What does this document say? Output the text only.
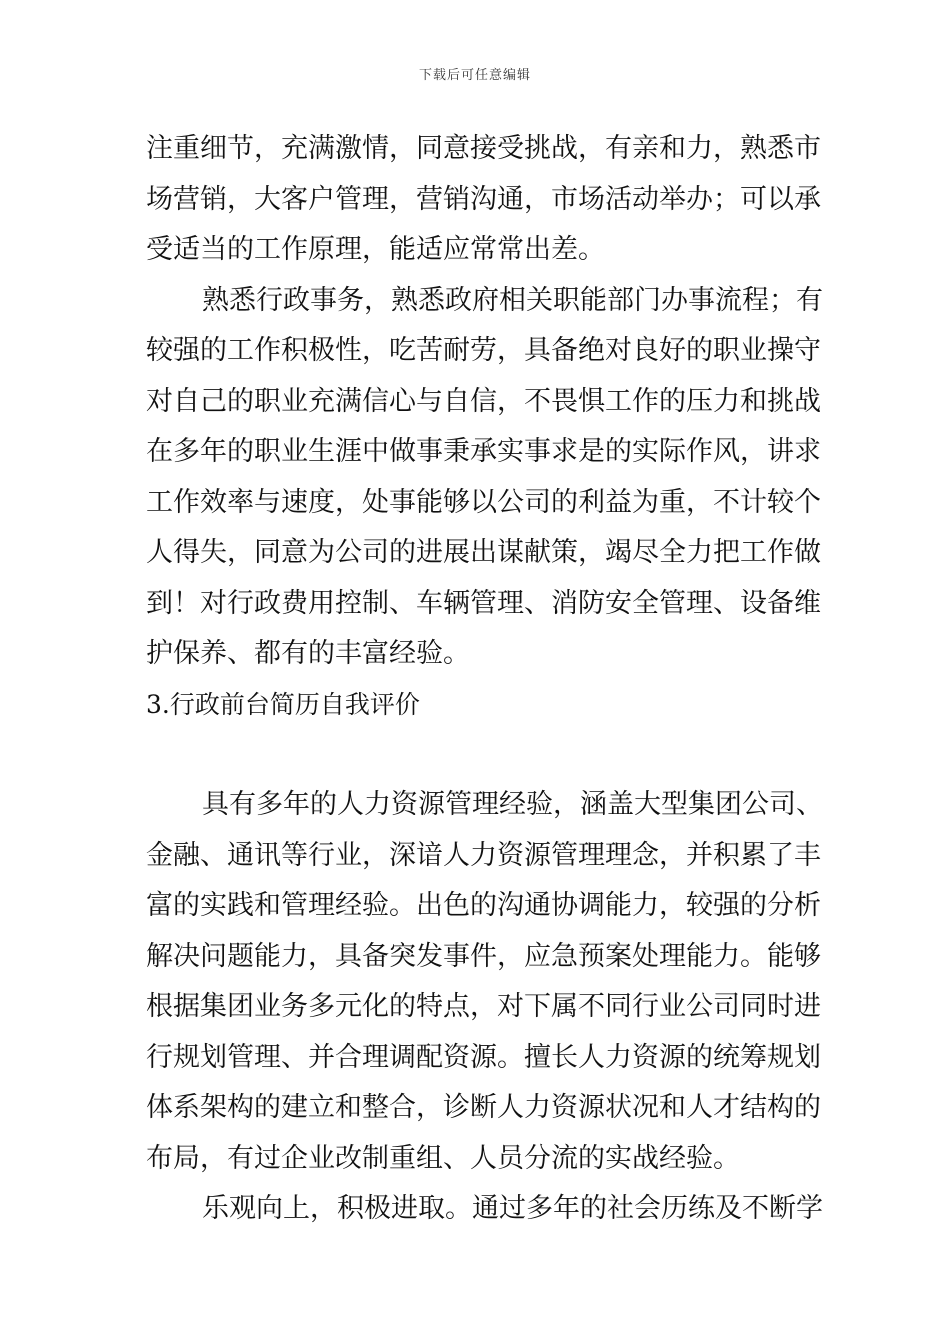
下载后可任意编辑
注重细节，充满激情，同意接受挑战，有亲和力，熟悉市
场营销，大客户管理，营销沟通，市场活动举办；可以承
受适当的工作原理，能适应常常出差。
熟悉行政事务，熟悉政府相关职能部门办事流程；有
较强的工作积极性，吃苦耐劳，具备绝对良好的职业操守
对自己的职业充满信心与自信，不畏惧工作的压力和挑战
在多年的职业生涯中做事秉承实事求是的实际作风，讲求
工作效率与速度，处事能够以公司的利益为重，不计较个
人得失，同意为公司的进展出谋献策，竭尽全力把工作做
到！对行政费用控制、车辆管理、消防安全管理、设备维
护保养、都有的丰富经验。
3.行政前台简历自我评价
具有多年的人力资源管理经验，涵盖大型集团公司、
金融、通讯等行业，深谙人力资源管理理念，并积累了丰
富的实践和管理经验。出色的沟通协调能力，较强的分析
解决问题能力，具备突发事件，应急预案处理能力。能够
根据集团业务多元化的特点，对下属不同行业公司同时进
行规划管理、并合理调配资源。擅长人力资源的统筹规划
体系架构的建立和整合，诊断人力资源状况和人才结构的
布局，有过企业改制重组、人员分流的实战经验。
乐观向上，积极进取。通过多年的社会历练及不断学
